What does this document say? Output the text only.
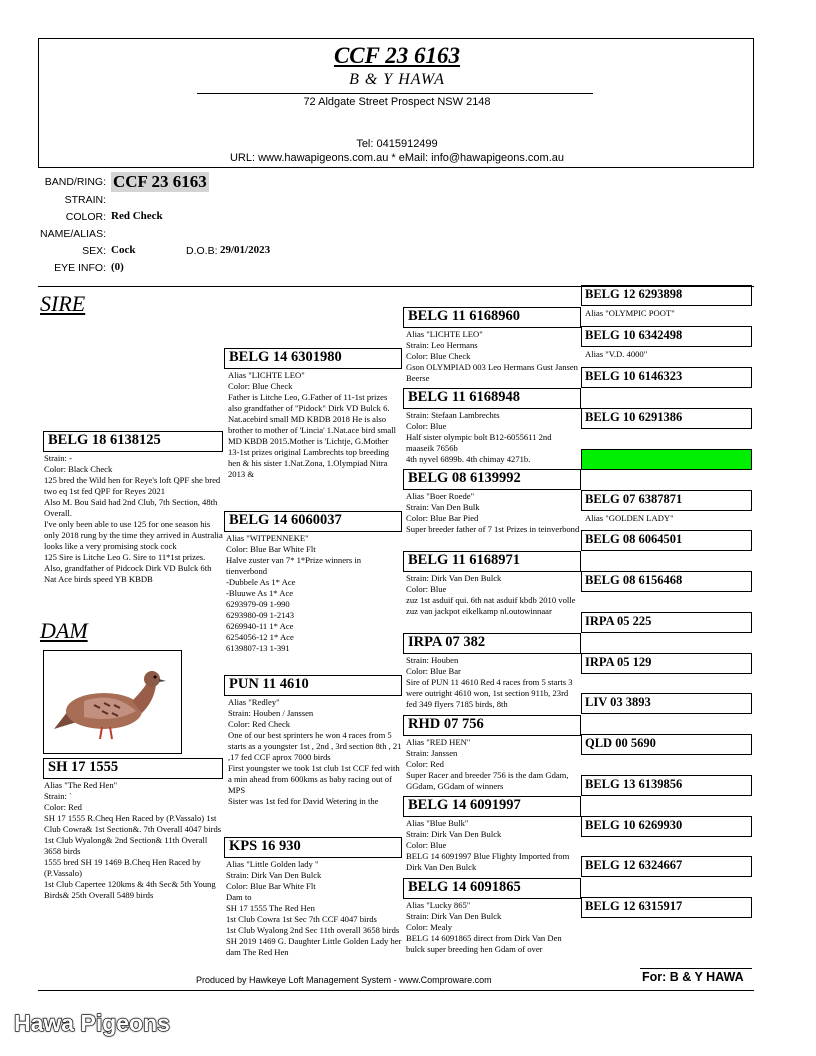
CCF 23 6163
B & Y HAWA
72 Aldgate Street Prospect NSW 2148
Tel: 0415912499
URL: www.hawapigeons.com.au * eMail: info@hawapigeons.com.au
BAND/RING: CCF 23 6163
STRAIN:
COLOR: Red Check
NAME/ALIAS:
SEX: Cock	D.O.B: 29/01/2023
EYE INFO: (0)
SIRE
DAM
BELG 18 6138125
Strain: -
Color: Black Check
125 bred the Wild hen for Reye's loft QPF she bred two eq 1st fed QPF for Reyes 2021
Also M. Bou Said had 2nd Club, 7th Section, 48th Overall.
I've only been able to use 125 for one season his only 2018 rung by the time they arrived in Australia looks like a very promising stock cock
125 Sire is Litche Leo G. Sire to 11*1st prizes. Also, grandfather of Pidcock Dirk VD Bulck 6th Nat Ace birds speed YB KBDB
SH 17 1555
Alias "The Red Hen"
Strain: `
Color: Red
SH 17 1555 R.Cheq Hen Raced by (P.Vassalo) 1st Club Cowra& 1st Section&. 7th Overall 4047 birds
1st Club Wyalong& 2nd Section& 11th Overall 3658 birds
1555 bred SH 19 1469 B.Cheq Hen Raced by (P.Vassalo)
1st Club Capertee 120kms & 4th Sec& 5th Young Birds& 25th Overall 5489 birds
BELG 14 6301980
Alias "LICHTE LEO"
Color: Blue Check
Father is Litche Leo, G.Father of 11-1st prizes also grandfather of "Pidock" Dirk VD Bulck 6. Nat.acebird small MD KBDB 2018 He is also brother to mother of 'Lincia' 1.Nat.ace bird small MD KBDB 2015.Mother is 'Lichtje, G.Mother 13-1st prizes original Lambrechts top breeding hen & his sister 1.Nat.Zona, 1.Olympiad Nitra 2013 &
BELG 14 6060037
Alias "WITPENNEKE"
Color: Blue Bar White Flt
Halve zuster van 7* 1*Prize winners in tienverbond
-Dubbele As 1* Ace
-Bluuwe As 1* Ace
6293979-09 1-990
6293980-09 1-2143
6269940-11 1* Ace
6254056-12 1* Ace
6139807-13 1-391
PUN 11 4610
Alias "Redley"
Strain: Houben / Janssen
Color: Red Check
One of our best sprinters he won 4 races from 5 starts as a youngster 1st , 2nd , 3rd section 8th , 21 ,17 fed CCF aprox 7000 birds
First youngster we took 1st club 1st CCF fed with a min ahead from 600kms as baby racing out of MPS
Sister was 1st fed for David Wetering in the
KPS 16 930
Alias "Little Golden lady "
Strain: Dirk Van Den Bulck
Color: Blue Bar White Flt
Dam to
SH 17 1555 The Red Hen
1st Club Cowra 1st Sec 7th CCF 4047 birds
1st Club Wyalong 2nd Sec 11th overall 3658 birds
SH 2019 1469 G. Daughter Little Golden Lady her dam The Red Hen
BELG 11 6168960
Alias "LICHTE LEO"
Strain: Leo Hermans
Color: Blue Check
Gson OLYMPIAD 003 Leo Hermans Gust Jansen Beerse
BELG 11 6168948
Strain: Stefaan Lambrechts
Color: Blue
Half sister olympic bolt B12-6055611 2nd maaseik 7656b
4th nyvel 6899b. 4th chimay 4271b.
BELG 08 6139992
Alias "Boer Roede"
Strain: Van Den Bulk
Color: Blue Bar Pied
Super breeder father of 7 1st Prizes in teinverbond
BELG 11 6168971
Strain: Dirk Van Den Bulck
Color: Blue
zuz 1st asduif qui. 6th nat asduif kbdb 2010 volle zuz van jackpot eikelkamp nl.outowinnaar
IRPA 07 382
Strain: Houben
Color: Blue Bar
Sire of PUN 11 4610 Red 4 races from 5 starts 3 were outright 4610 won, 1st section 911b, 23rd fed 349 flyers 7185 birds, 8th
RHD 07 756
Alias "RED HEN"
Strain: Janssen
Color: Red
Super Racer and breeder 756 is the dam Gdam, GGdam, GGdam of winners
BELG 14 6091997
Alias "Blue Bulk"
Strain: Dirk Van Den Bulck
Color: Blue
BELG 14 6091997 Blue Flighty Imported from Dirk Van Den Bulck
BELG 14 6091865
Alias "Lucky 865"
Strain: Dirk Van Den Bulck
Color: Mealy
BELG 14 6091865 direct from Dirk Van Den bulck super breeding hen Gdam of over
BELG 12 6293898
Alias "OLYMPIC POOT"
BELG 10 6342498
Alias "V.D. 4000"
BELG 10 6146323
BELG 10 6291386
BELG 07 6387871
Alias "GOLDEN LADY"
BELG 08 6064501
BELG 08 6156468
IRPA 05 225
IRPA 05 129
LIV 03 3893
QLD 00 5690
BELG 13 6139856
BELG 10 6269930
BELG 12 6324667
BELG 12 6315917
Produced by Hawkeye Loft Management System - www.Comproware.com	For: B & Y HAWA
Hawa Pigeons
